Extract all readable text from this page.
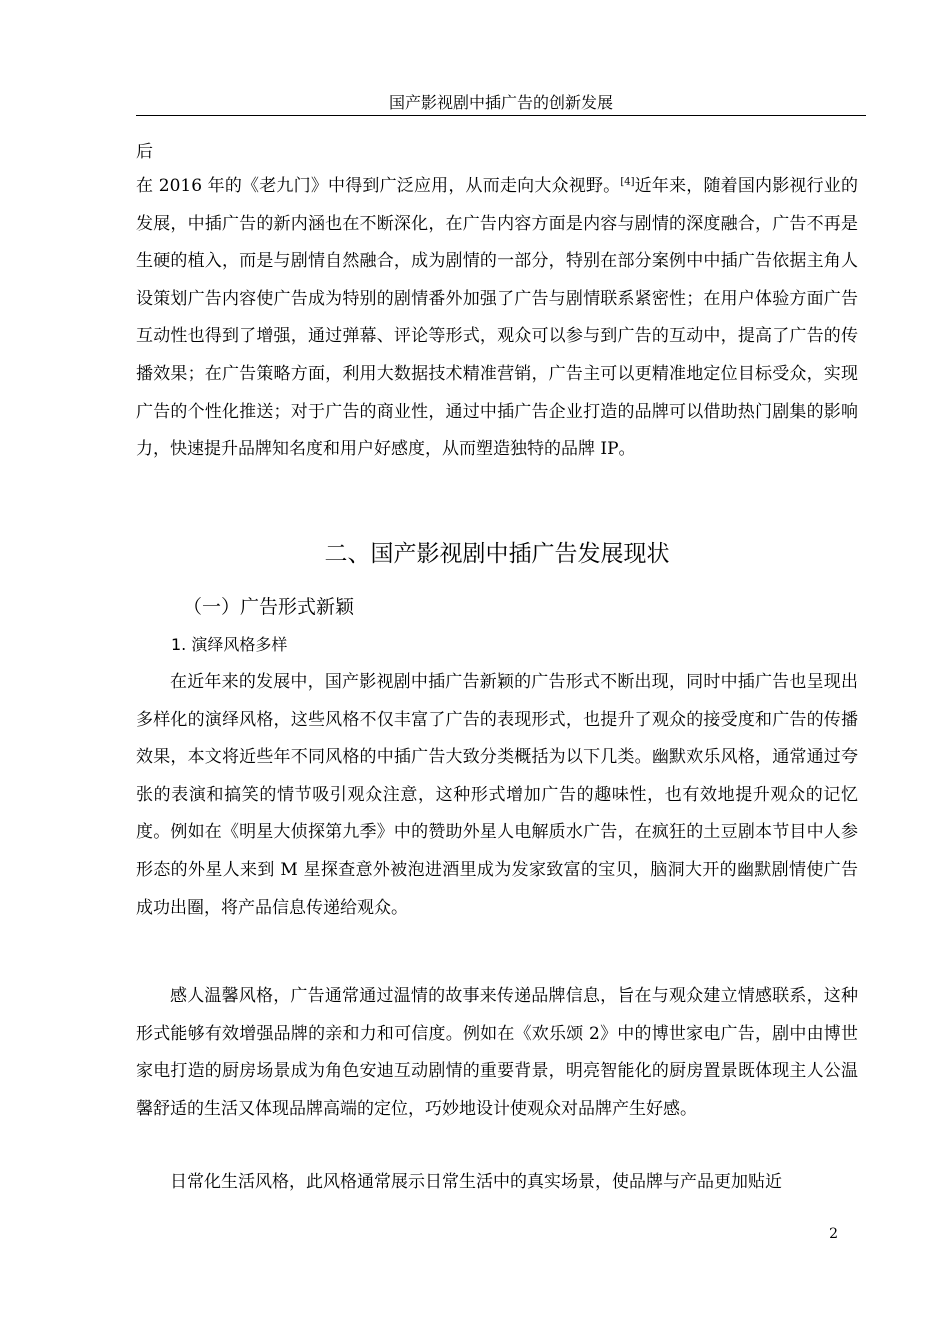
国产影视剧中插广告的创新发展
后
在 2016 年的《老九门》中得到广泛应用，从而走向大众视野。[4]近年来，随着国内影视行业的发展，中插广告的新内涵也在不断深化，在广告内容方面是内容与剧情的深度融合，广告不再是生硬的植入，而是与剧情自然融合，成为剧情的一部分，特别在部分案例中中插广告依据主角人设策划广告内容使广告成为特别的剧情番外加强了广告与剧情联系紧密性；在用户体验方面广告互动性也得到了增强，通过弹幕、评论等形式，观众可以参与到广告的互动中，提高了广告的传播效果；在广告策略方面，利用大数据技术精准营销，广告主可以更精准地定位目标受众，实现广告的个性化推送；对于广告的商业性，通过中插广告企业打造的品牌可以借助热门剧集的影响力，快速提升品牌知名度和用户好感度，从而塑造独特的品牌 IP。
二、国产影视剧中插广告发展现状
（一）广告形式新颖
1. 演绎风格多样
在近年来的发展中，国产影视剧中插广告新颖的广告形式不断出现，同时中插广告也呈现出多样化的演绎风格，这些风格不仅丰富了广告的表现形式，也提升了观众的接受度和广告的传播效果，本文将近些年不同风格的中插广告大致分类概括为以下几类。幽默欢乐风格，通常通过夸张的表演和搞笑的情节吸引观众注意，这种形式增加广告的趣味性，也有效地提升观众的记忆度。例如在《明星大侦探第九季》中的赞助外星人电解质水广告，在疯狂的土豆剧本节目中人参形态的外星人来到 M 星探查意外被泡进酒里成为发家致富的宝贝，脑洞大开的幽默剧情使广告成功出圈，将产品信息传递给观众。
感人温馨风格，广告通常通过温情的故事来传递品牌信息，旨在与观众建立情感联系，这种形式能够有效增强品牌的亲和力和可信度。例如在《欢乐颂 2》中的博世家电广告，剧中由博世家电打造的厨房场景成为角色安迪互动剧情的重要背景，明亮智能化的厨房置景既体现主人公温馨舒适的生活又体现品牌高端的定位，巧妙地设计使观众对品牌产生好感。
日常化生活风格，此风格通常展示日常生活中的真实场景，使品牌与产品更加贴近
2
